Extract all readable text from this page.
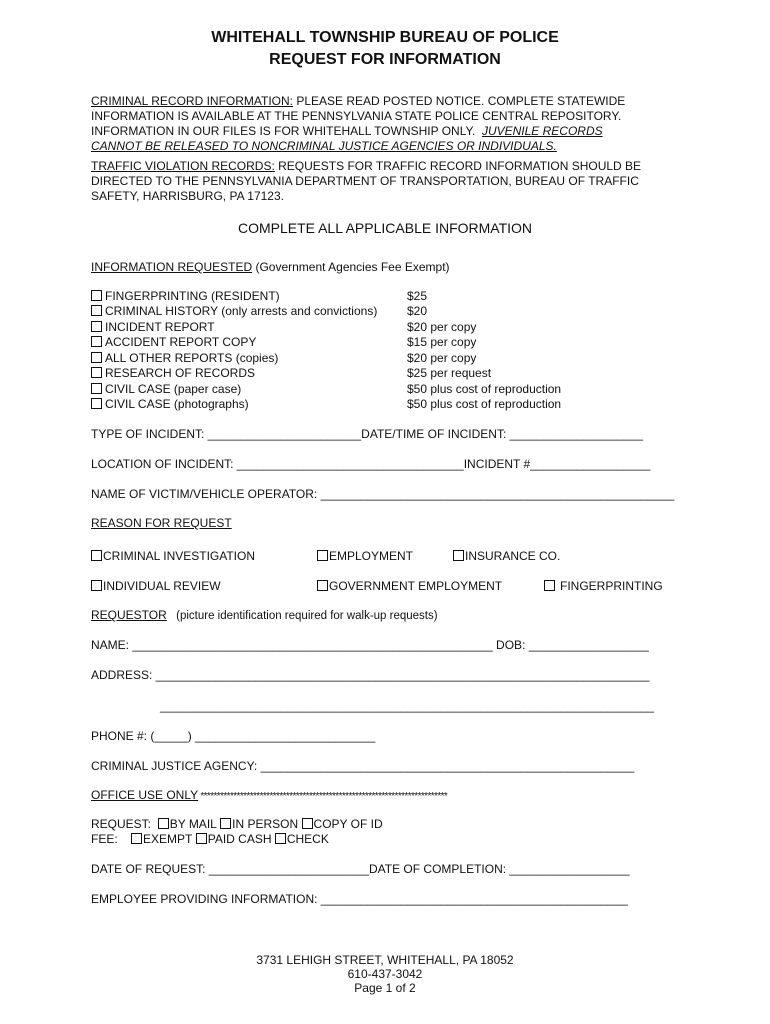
WHITEHALL TOWNSHIP BUREAU OF POLICE
REQUEST FOR INFORMATION
CRIMINAL RECORD INFORMATION: PLEASE READ POSTED NOTICE. COMPLETE STATEWIDE
INFORMATION IS AVAILABLE AT THE PENNSYLVANIA STATE POLICE CENTRAL REPOSITORY.
INFORMATION IN OUR FILES IS FOR WHITEHALL TOWNSHIP ONLY. JUVENILE RECORDS
CANNOT BE RELEASED TO NONCRIMINAL JUSTICE AGENCIES OR INDIVIDUALS.
TRAFFIC VIOLATION RECORDS: REQUESTS FOR TRAFFIC RECORD INFORMATION SHOULD BE
DIRECTED TO THE PENNSYLVANIA DEPARTMENT OF TRANSPORTATION, BUREAU OF TRAFFIC
SAFETY, HARRISBURG, PA 17123.
COMPLETE ALL APPLICABLE INFORMATION
INFORMATION REQUESTED (Government Agencies Fee Exempt)
FINGERPRINTING (RESIDENT)	$25
CRIMINAL HISTORY (only arrests and convictions) $20
INCIDENT REPORT	$20 per copy
ACCIDENT REPORT COPY	$15 per copy
ALL OTHER REPORTS (copies)	$20 per copy
RESEARCH OF RECORDS	$25 per request
CIVIL CASE (paper case)	$50 plus cost of reproduction
CIVIL CASE (photographs)	$50 plus cost of reproduction
TYPE OF INCIDENT: _______________________DATE/TIME OF INCIDENT: ____________________
LOCATION OF INCIDENT: __________________________________INCIDENT #__________________
NAME OF VICTIM/VEHICLE OPERATOR: _____________________________________________________
REASON FOR REQUEST
CRIMINAL INVESTIGATION	EMPLOYMENT	INSURANCE CO.
INDIVIDUAL REVIEW	GOVERNMENT EMPLOYMENT	FINGERPRINTING
REQUESTOR (picture identification required for walk-up requests)
NAME: ______________________________________________________ DOB: __________________
ADDRESS: __________________________________________________________________________
__________________________________________________________________________
PHONE #: (_____) ___________________________
CRIMINAL JUSTICE AGENCY: ________________________________________________________
OFFICE USE ONLY ***************************************************************************
REQUEST: BY MAIL IN PERSON COPY OF ID
FEE: EXEMPT PAID CASH CHECK
DATE OF REQUEST: ________________________DATE OF COMPLETION: __________________
EMPLOYEE PROVIDING INFORMATION: ______________________________________________
3731 LEHIGH STREET, WHITEHALL, PA 18052
610-437-3042
Page 1 of 2
